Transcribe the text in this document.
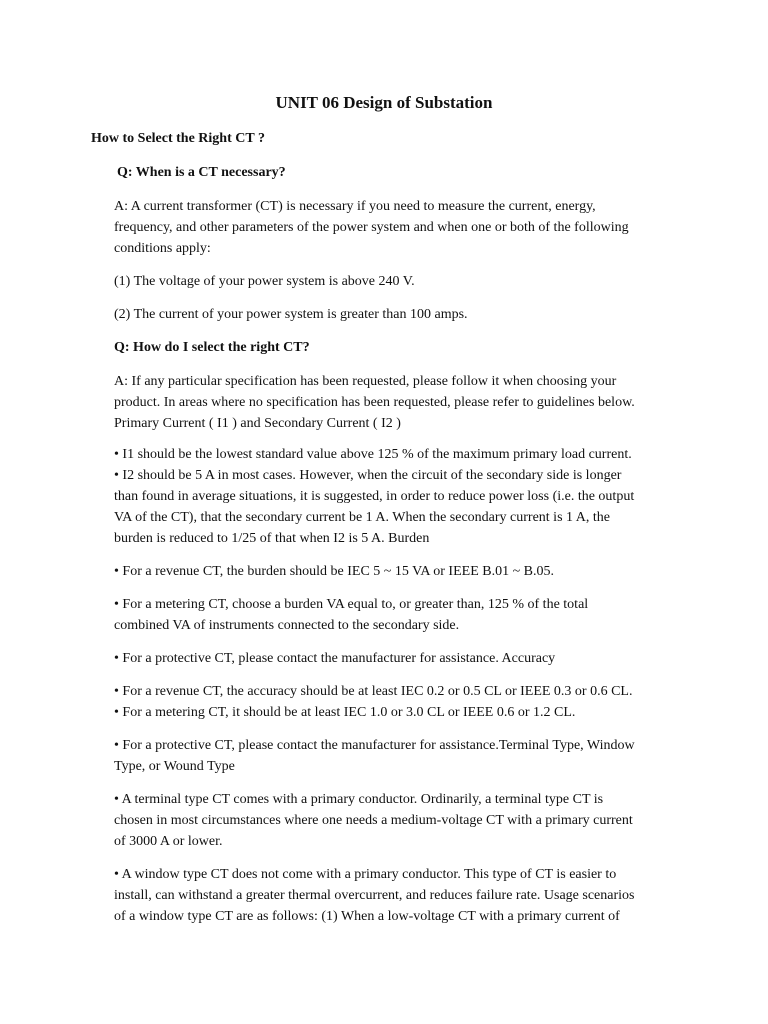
UNIT 06 Design of Substation
How to Select the Right CT ?
Q: When is a CT necessary?
A: A current transformer (CT) is necessary if you need to measure the current, energy,
frequency, and other parameters of the power system and when one or both of the following
conditions apply:
(1) The voltage of your power system is above 240 V.
(2) The current of your power system is greater than 100 amps.
Q: How do I select the right CT?
A: If any particular specification has been requested, please follow it when choosing your
product. In areas where no specification has been requested, please refer to guidelines below.
Primary Current ( I1 ) and Secondary Current ( I2 )
• I1 should be the lowest standard value above 125 % of the maximum primary load current.
• I2 should be 5 A in most cases. However, when the circuit of the secondary side is longer
than found in average situations, it is suggested, in order to reduce power loss (i.e. the output
VA of the CT), that the secondary current be 1 A. When the secondary current is 1 A, the
burden is reduced to 1/25 of that when I2 is 5 A. Burden
• For a revenue CT, the burden should be IEC 5 ~ 15 VA or IEEE B.01 ~ B.05.
• For a metering CT, choose a burden VA equal to, or greater than, 125 % of the total
combined VA of instruments connected to the secondary side.
• For a protective CT, please contact the manufacturer for assistance. Accuracy
• For a revenue CT, the accuracy should be at least IEC 0.2 or 0.5 CL or IEEE 0.3 or 0.6 CL.
• For a metering CT, it should be at least IEC 1.0 or 3.0 CL or IEEE 0.6 or 1.2 CL.
• For a protective CT, please contact the manufacturer for assistance.Terminal Type, Window
Type, or Wound Type
• A terminal type CT comes with a primary conductor. Ordinarily, a terminal type CT is
chosen in most circumstances where one needs a medium-voltage CT with a primary current
of 3000 A or lower.
• A window type CT does not come with a primary conductor. This type of CT is easier to
install, can withstand a greater thermal overcurrent, and reduces failure rate. Usage scenarios
of a window type CT are as follows: (1) When a low-voltage CT with a primary current of
